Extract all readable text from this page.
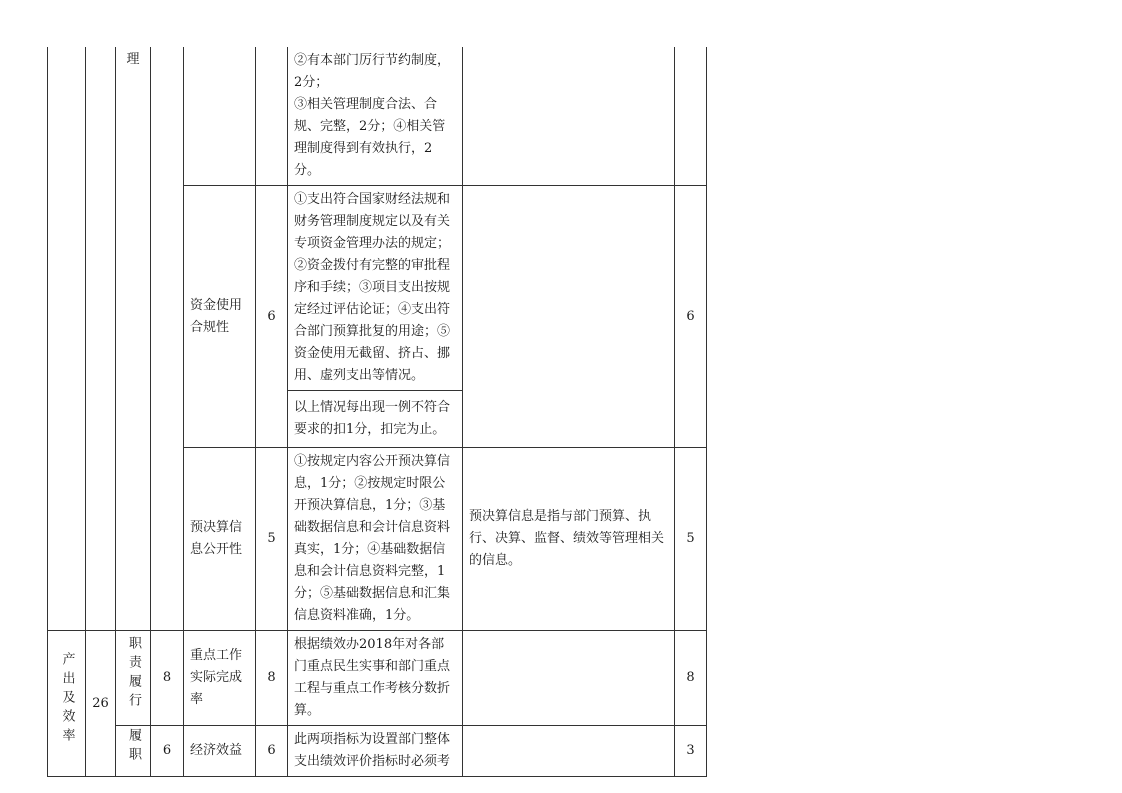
		理				②有本部门厉行节约制度，2分；
③相关管理制度合法、合规、完整，2分；④相关管理制度得到有效执行，2分。		
				资金使用合规性	6	①支出符合国家财经法规和财务管理制度规定以及有关专项资金管理办法的规定；②资金拨付有完整的审批程序和手续；③项目支出按规定经过评估论证；④支出符合部门预算批复的用途；⑤资金使用无截留、挤占、挪用、虚列支出等情况。		6
						以上情况每出现一例不符合要求的扣1分，扣完为止。		
				预决算信息公开性	5	①按规定内容公开预决算信息，1分；②按规定时限公开预决算信息，1分；③基础数据信息和会计信息资料真实，1分；④基础数据信息和会计信息资料完整，1分；⑤基础数据信息和汇集信息资料准确，1分。	预决算信息是指与部门预算、执行、决算、监督、绩效等管理相关的信息。	5
产出及效率	26	职责履行	8	重点工作实际完成率	8	根据绩效办2018年对各部门重点民生实事和部门重点工程与重点工作考核分数折算。		8
		履职	6	经济效益	6	此两项指标为设置部门整体支出绩效评价指标时必须考		3
